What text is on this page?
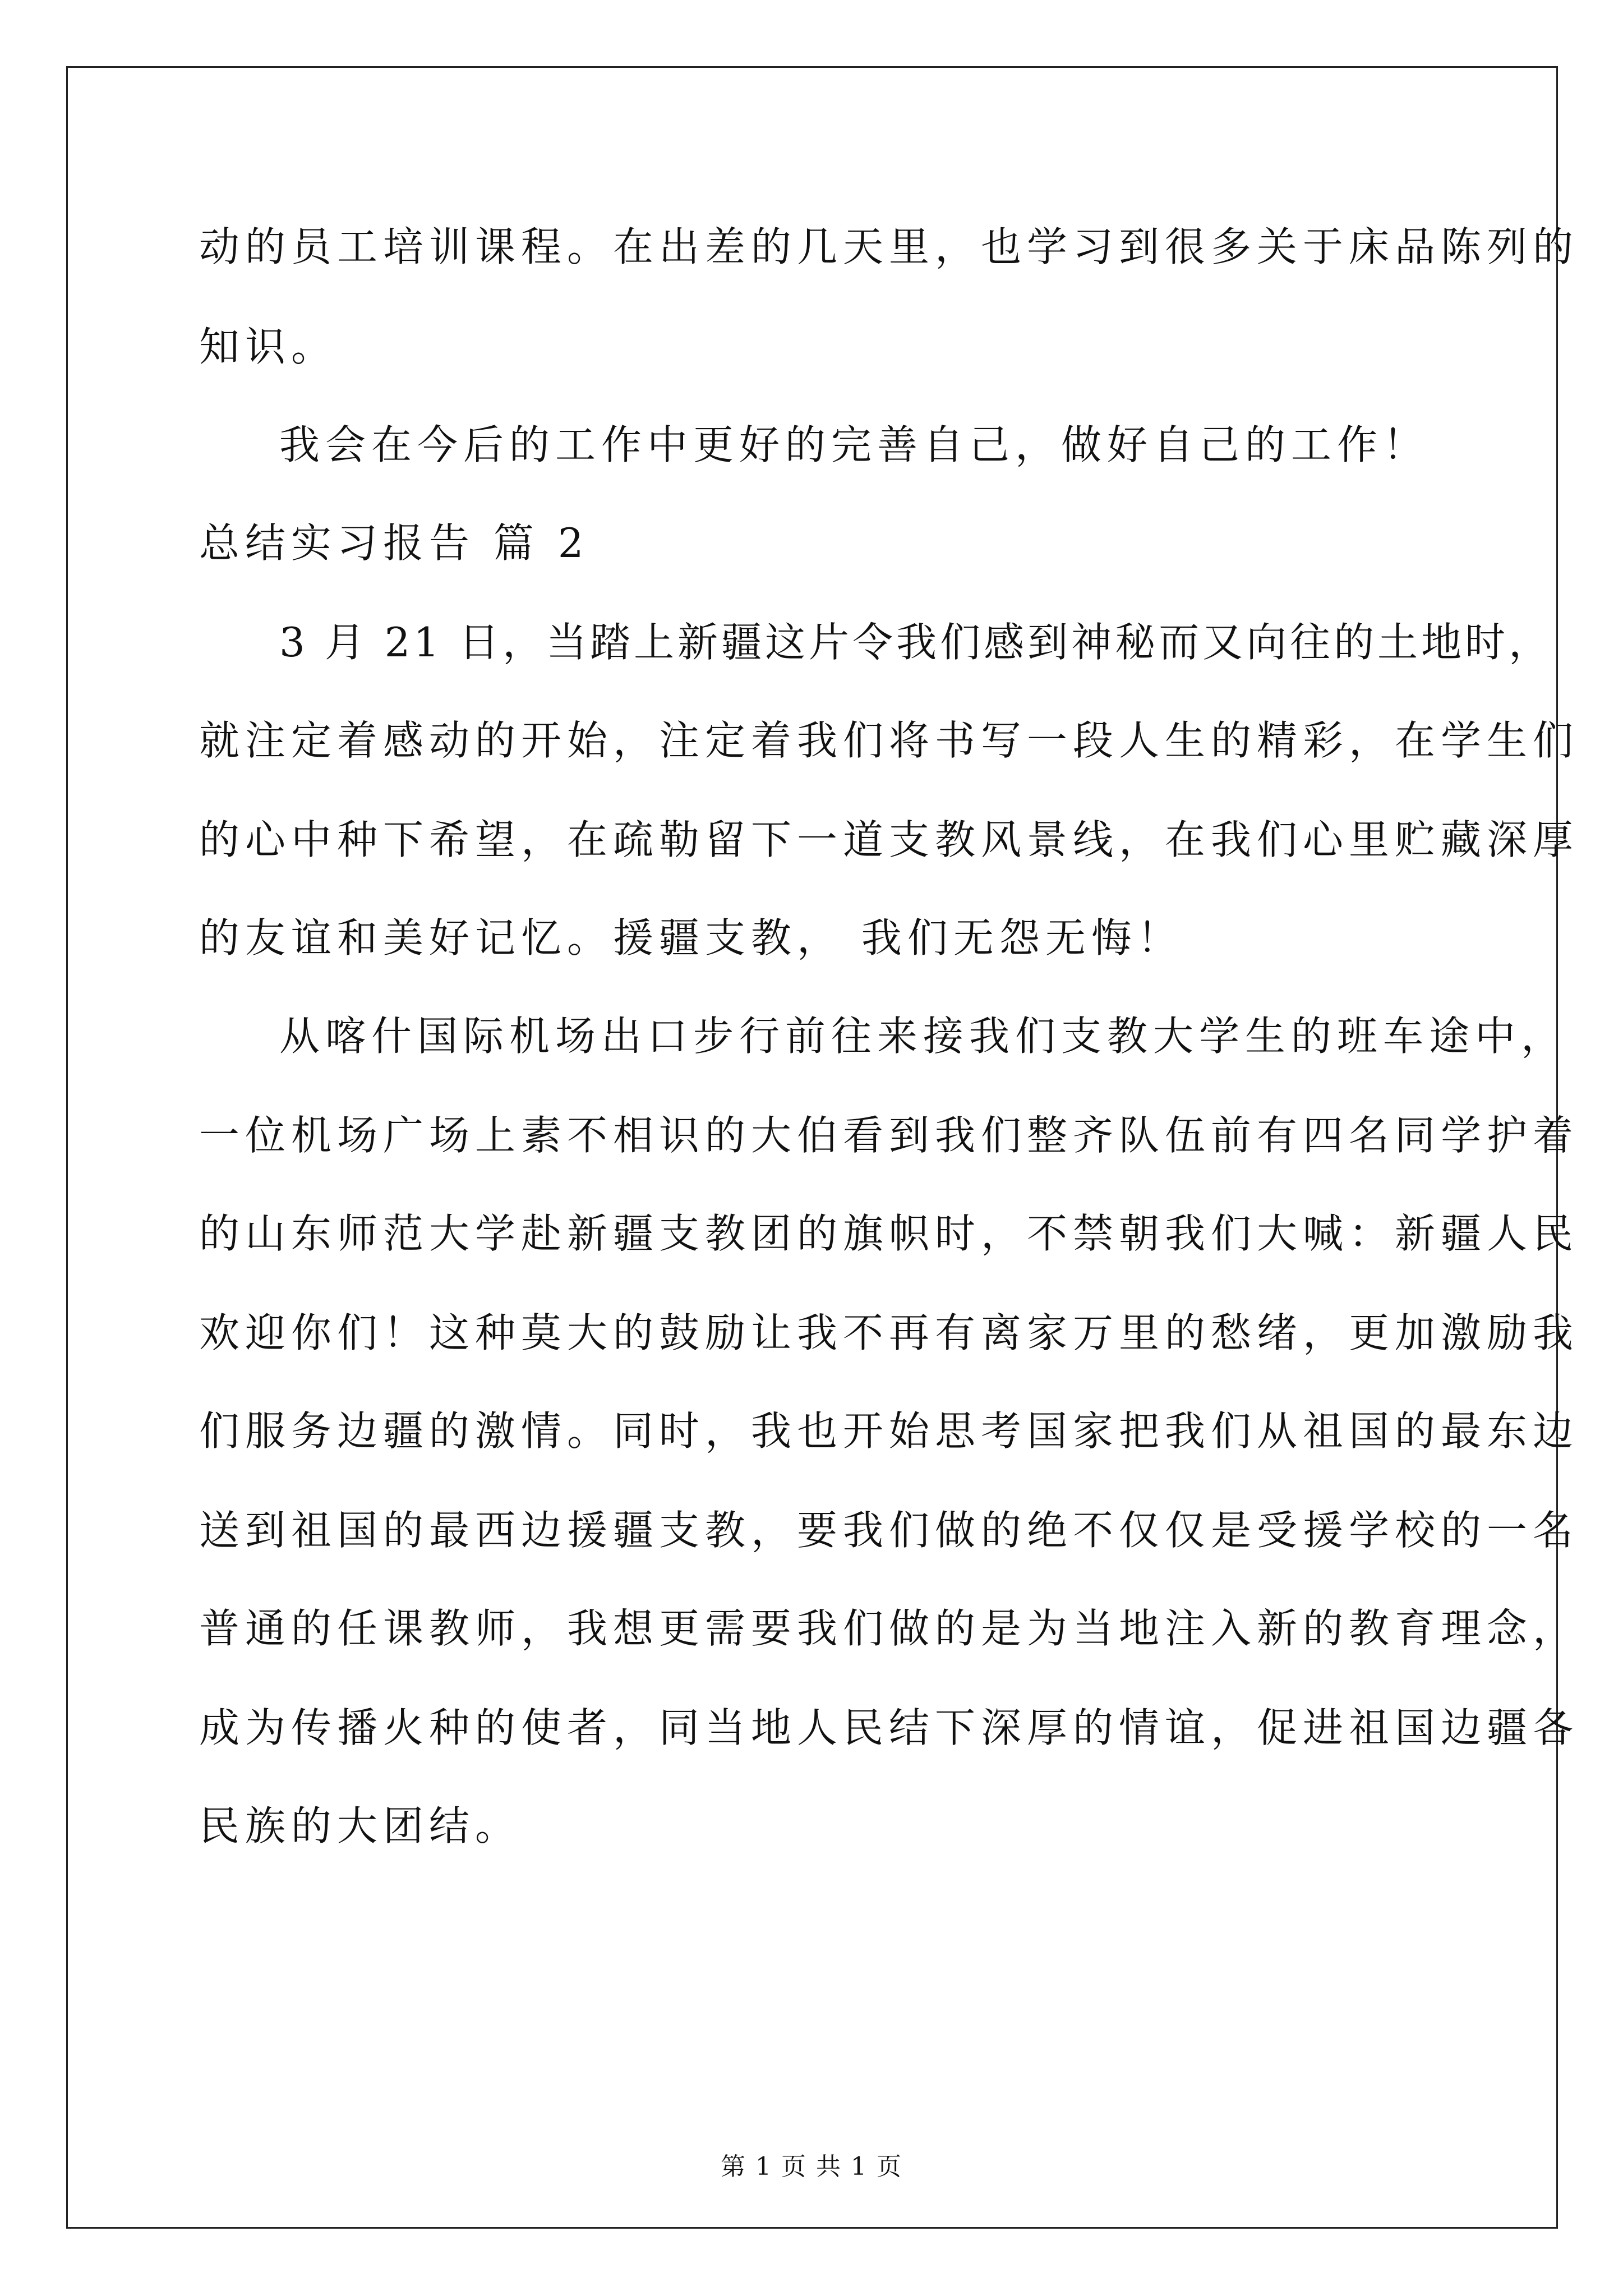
动的员工培训课程。在出差的几天里，也学习到很多关于床品陈列的
知识。
我会在今后的工作中更好的完善自己，做好自己的工作！
总结实习报告 篇 2
3 月 21 日，当踏上新疆这片令我们感到神秘而又向往的土地时，
就注定着感动的开始，注定着我们将书写一段人生的精彩，在学生们
的心中种下希望，在疏勒留下一道支教风景线，在我们心里贮藏深厚
的友谊和美好记忆。援疆支教， 我们无怨无悔！
从喀什国际机场出口步行前往来接我们支教大学生的班车途中，
一位机场广场上素不相识的大伯看到我们整齐队伍前有四名同学护着
的山东师范大学赴新疆支教团的旗帜时，不禁朝我们大喊：新疆人民
欢迎你们！这种莫大的鼓励让我不再有离家万里的愁绪，更加激励我
们服务边疆的激情。同时，我也开始思考国家把我们从祖国的最东边
送到祖国的最西边援疆支教，要我们做的绝不仅仅是受援学校的一名
普通的任课教师，我想更需要我们做的是为当地注入新的教育理念，
成为传播火种的使者，同当地人民结下深厚的情谊，促进祖国边疆各
民族的大团结。
第 1 页 共 1 页
